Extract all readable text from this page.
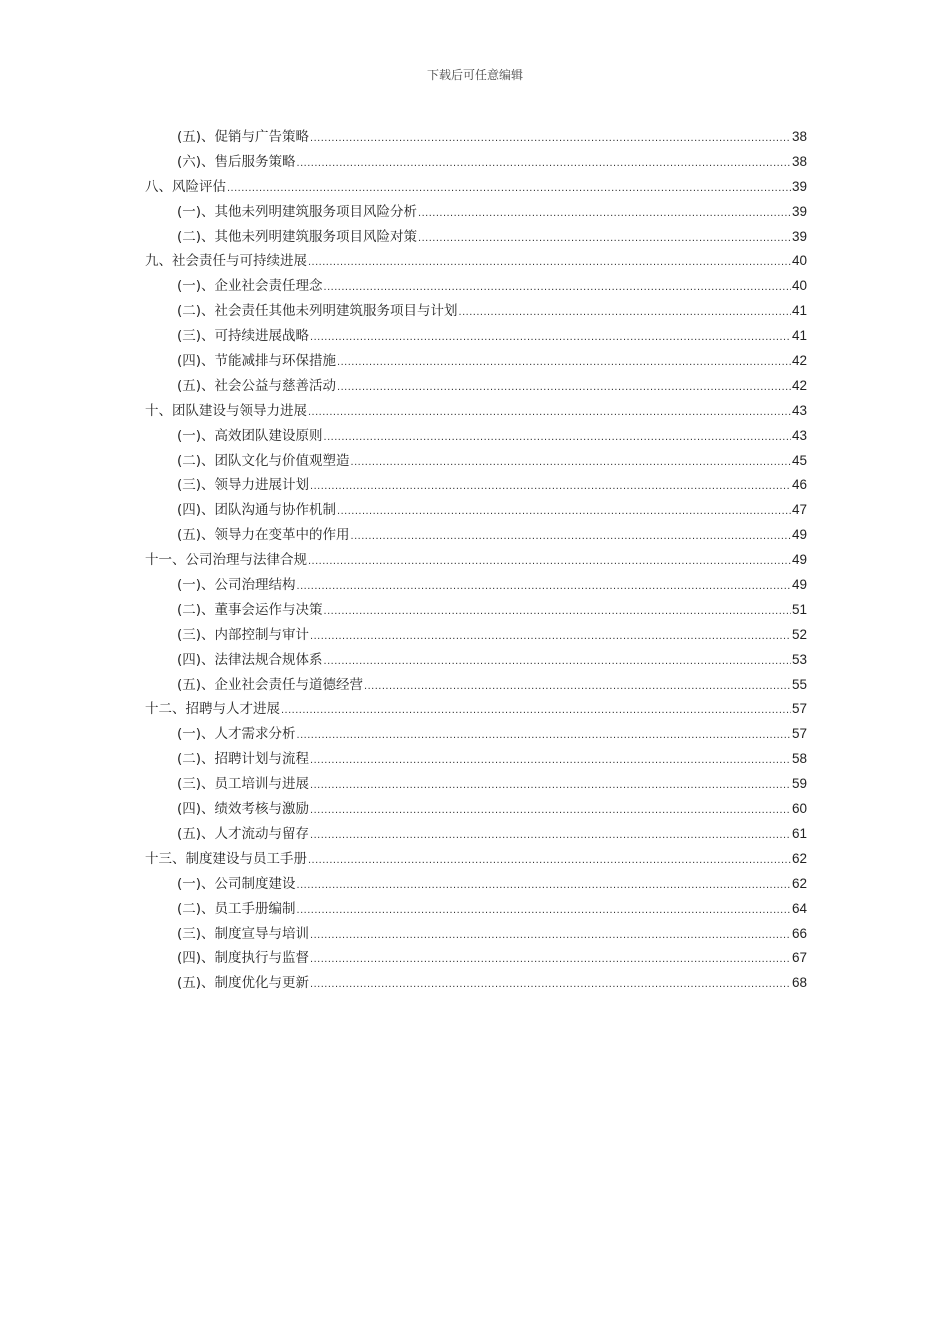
下载后可任意编辑
(五)、促销与广告策略 .....	38
(六)、售后服务策略 .....	38
八、风险评估 .....	39
(一)、其他未列明建筑服务项目风险分析 .....	39
(二)、其他未列明建筑服务项目风险对策 .....	39
九、社会责任与可持续进展 .....	40
(一)、企业社会责任理念 .....	40
(二)、社会责任其他未列明建筑服务项目与计划 .....	41
(三)、可持续进展战略 .....	41
(四)、节能减排与环保措施 .....	42
(五)、社会公益与慈善活动 .....	42
十、团队建设与领导力进展 .....	43
(一)、高效团队建设原则 .....	43
(二)、团队文化与价值观塑造 .....	45
(三)、领导力进展计划 .....	46
(四)、团队沟通与协作机制 .....	47
(五)、领导力在变革中的作用 .....	49
十一、公司治理与法律合规 .....	49
(一)、公司治理结构 .....	49
(二)、董事会运作与决策 .....	51
(三)、内部控制与审计 .....	52
(四)、法律法规合规体系 .....	53
(五)、企业社会责任与道德经营 .....	55
十二、招聘与人才进展 .....	57
(一)、人才需求分析 .....	57
(二)、招聘计划与流程 .....	58
(三)、员工培训与进展 .....	59
(四)、绩效考核与激励 .....	60
(五)、人才流动与留存 .....	61
十三、制度建设与员工手册 .....	62
(一)、公司制度建设 .....	62
(二)、员工手册编制 .....	64
(三)、制度宣导与培训 .....	66
(四)、制度执行与监督 .....	67
(五)、制度优化与更新 .....	68
